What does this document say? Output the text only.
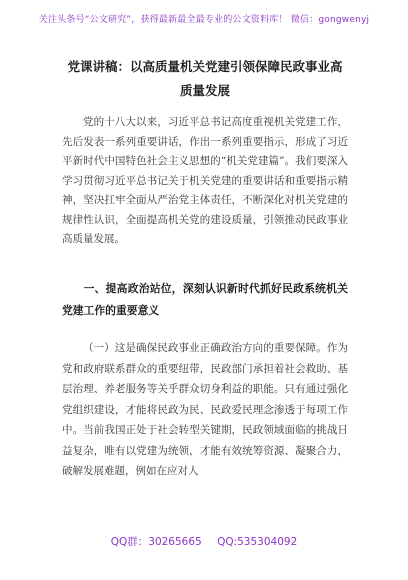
关注头条号“公文研究”，获得最新最全最专业的公文资料库！ 微信：gongwenyj
党课讲稿：以高质量机关党建引领保障民政事业高质量发展

党的十八大以来，习近平总书记高度重视机关党建工作，先后发表一系列重要讲话，作出一系列重要指示，形成了习近平新时代中国特色社会主义思想的“机关党建篇”。我们要深入学习贯彻习近平总书记关于机关党建的重要讲话和重要指示精神，坚决扛牢全面从严治党主体责任，不断深化对机关党建的规律性认识，全面提高机关党的建设质量，引领推动民政事业高质量发展。

一、提高政治站位，深刻认识新时代抓好民政系统机关党建工作的重要意义

（一）这是确保民政事业正确政治方向的重要保障。作为党和政府联系群众的重要纽带，民政部门承担着社会救助、基层治理、养老服务等关乎群众切身利益的职能。只有通过强化党组织建设，才能将民政为民、民政爱民理念渗透于每项工作中。当前我国正处于社会转型关键期，民政领域面临的挑战日益复杂，唯有以党建为统领，才能有效统筹资源、凝聚合力，破解发展难题，例如在应对人

QQ群：30265665 QQ:535304092
